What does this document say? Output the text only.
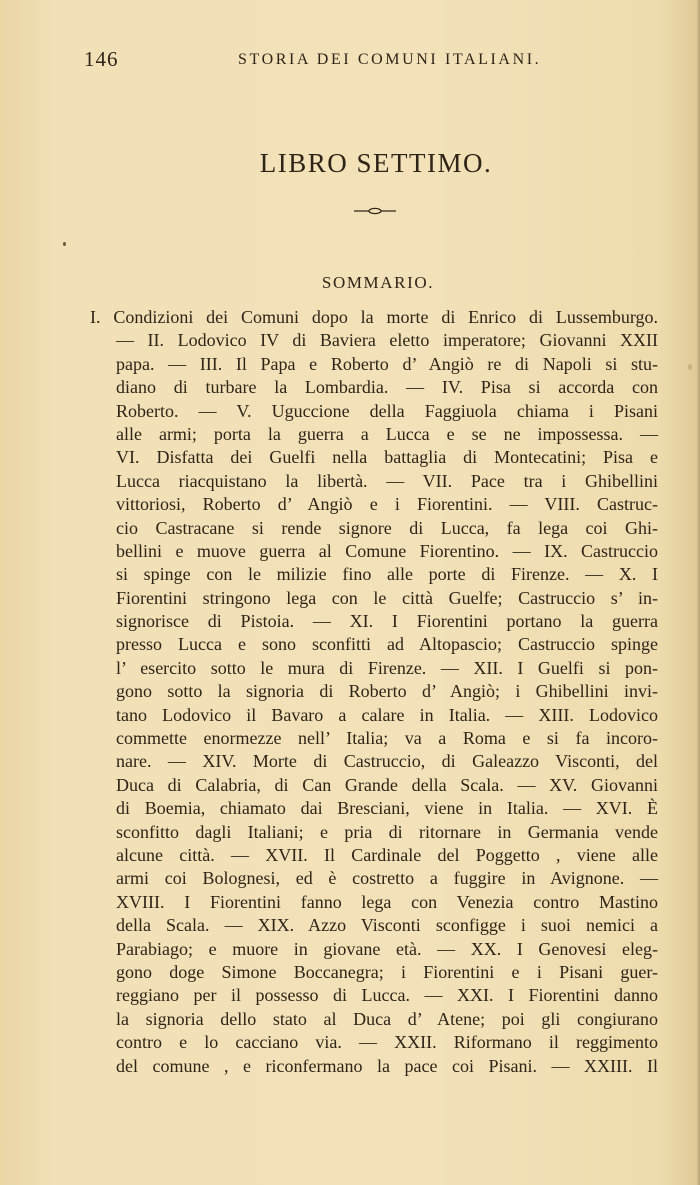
146	STORIA DEI COMUNI ITALIANI.
LIBRO SETTIMO.
SOMMARIO.
I. Condizioni dei Comuni dopo la morte di Enrico di Lussemburgo.
— II. Lodovico IV di Baviera eletto imperatore; Giovanni XXII
papa. — III. Il Papa e Roberto d’ Angiò re di Napoli si stu-
diano di turbare la Lombardia. — IV. Pisa si accorda con
Roberto. — V. Uguccione della Faggiuola chiama i Pisani
alle armi; porta la guerra a Lucca e se ne impossessa. —
VI. Disfatta dei Guelfi nella battaglia di Montecatini; Pisa e
Lucca riacquistano la libertà. — VII. Pace tra i Ghibellini
vittoriosi, Roberto d’ Angiò e i Fiorentini. — VIII. Castruc-
cio Castracane si rende signore di Lucca, fa lega coi Ghi-
bellini e muove guerra al Comune Fiorentino. — IX. Castruccio
si spinge con le milizie fino alle porte di Firenze. — X. I
Fiorentini stringono lega con le città Guelfe; Castruccio s’ in-
signorisce di Pistoia. — XI. I Fiorentini portano la guerra
presso Lucca e sono sconfitti ad Altopascio; Castruccio spinge
l’ esercito sotto le mura di Firenze. — XII. I Guelfi si pon-
gono sotto la signoria di Roberto d’ Angiò; i Ghibellini invi-
tano Lodovico il Bavaro a calare in Italia. — XIII. Lodovico
commette enormezze nell’ Italia; va a Roma e si fa incoro-
nare. — XIV. Morte di Castruccio, di Galeazzo Visconti, del
Duca di Calabria, di Can Grande della Scala. — XV. Giovanni
di Boemia, chiamato dai Bresciani, viene in Italia. — XVI. È
sconfitto dagli Italiani; e pria di ritornare in Germania vende
alcune città. — XVII. Il Cardinale del Poggetto , viene alle
armi coi Bolognesi, ed è costretto a fuggire in Avignone. —
XVIII. I Fiorentini fanno lega con Venezia contro Mastino
della Scala. — XIX. Azzo Visconti sconfigge i suoi nemici a
Parabiago; e muore in giovane età. — XX. I Genovesi eleg-
gono doge Simone Boccanegra; i Fiorentini e i Pisani guer-
reggiano per il possesso di Lucca. — XXI. I Fiorentini danno
la signoria dello stato al Duca d’ Atene; poi gli congiurano
contro e lo cacciano via. — XXII. Riformano il reggimento
del comune , e riconfermano la pace coi Pisani. — XXIII. Il
